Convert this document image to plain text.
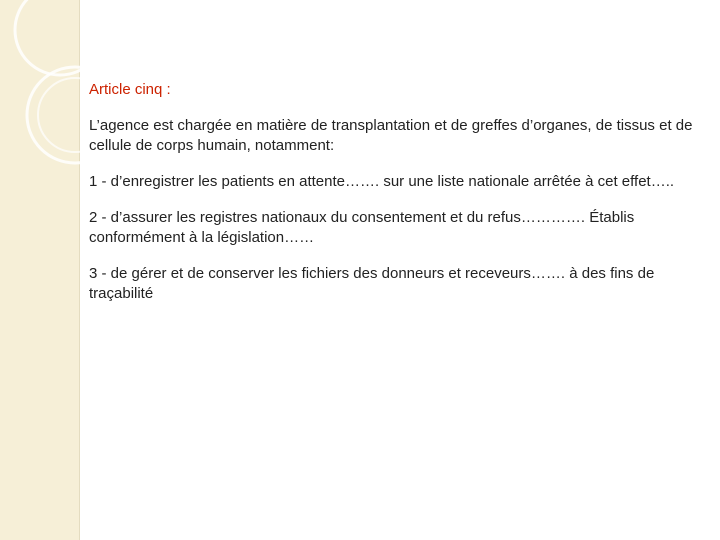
Article cinq :

L’agence est chargée en matière de transplantation et de greffes d’organes, de tissus et de cellule de corps humain, notamment:

1 - d’enregistrer les patients en attente……. sur une liste nationale arrêtée à cet effet…..

2 - d’assurer les registres nationaux du consentement et du refus…………. Établis conformément à la législation……

3 - de gérer et de conserver les fichiers des donneurs et receveurs……. à des fins de traçabilité
